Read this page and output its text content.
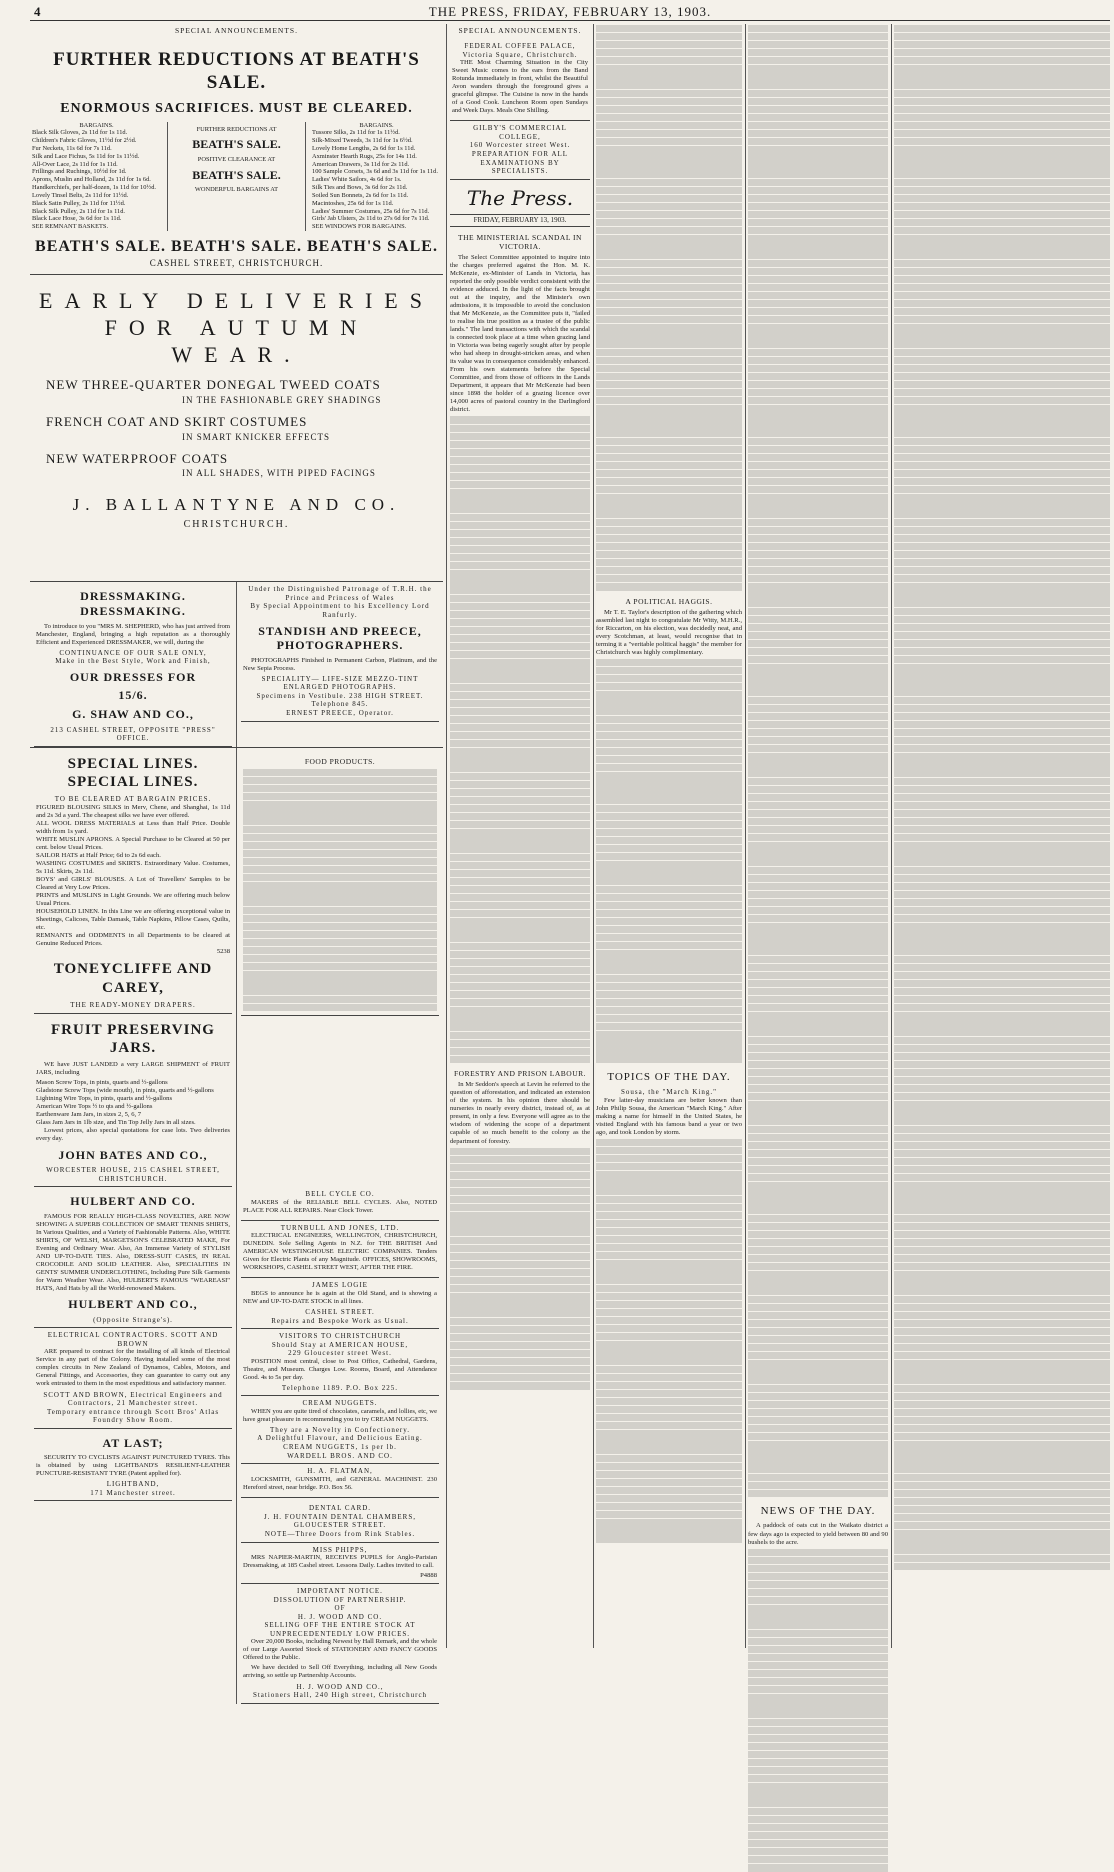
4	THE PRESS, FRIDAY, FEBRUARY 13, 1903.
SPECIAL ANNOUNCEMENTS.
FURTHER REDUCTIONS AT BEATH'S SALE.
ENORMOUS SACRIFICES. MUST BE CLEARED.
BARGAINS.
Black Silk Gloves, 2s 11d for 1s 11d.
Children's Fabric Gloves, 11½d for 2½d.
Fur Neckets, 11s 6d for 7s 11d.
Silk and Lace Fichus, 5s 11d for 1s 11½d.
All-Over Lace, 2s 11d for 1s 11d.
Frillings and Ruchings, 10½d for 1d.
Aprons, Muslin and Holland, 2s 11d for 1s 6d.
Handkerchiefs, per half-dozen, 1s 11d for 10½d.
Lovely Tinsel Belts, 2s 11d for 11½d.
Black Satin Pulley, 2s 11d for 11½d.
Black Silk Pulley, 2s 11d for 1s 11d.
Black Lace Hose, 3s 6d for 1s 11d.
SEE REMNANT BASKETS.
FURTHER REDUCTIONS AT
BEATH'S SALE.
POSITIVE CLEARANCE AT
BEATH'S SALE.
WONDERFUL BARGAINS AT
BARGAINS.
Tussore Silks, 2s 11d for 1s 11½d.
Silk-Mixed Tweeds, 3s 11d for 1s 6½d.
Lovely Home Lengths, 2s 6d for 1s 11d.
Axminster Hearth Rugs, 25s for 14s 11d.
American Drawers, 3s 11d for 2s 11d.
100 Sample Corsets, 3s 6d and 3s 11d for 1s 11d.
Ladies' White Sailors, 4s 6d for 1s.
Silk Ties and Bows, 3s 6d for 2s 11d.
Soiled Sun Bonnets, 2s 6d for 1s 11d.
Macintoshes, 25s 6d for 1s 11d.
Ladies' Summer Costumes, 25s 6d for 7s 11d.
Girls' Jab Ulsters, 2s 11d to 27s 6d for 7s 11d.
SEE WINDOWS FOR BARGAINS.
BEATH'S SALE. BEATH'S SALE. BEATH'S SALE.
CASHEL STREET, CHRISTCHURCH.
EARLY DELIVERIES FOR AUTUMN WEAR.
NEW THREE-QUARTER DONEGAL TWEED COATS
IN THE FASHIONABLE GREY SHADINGS
FRENCH COAT AND SKIRT COSTUMES
IN SMART KNICKER EFFECTS
NEW WATERPROOF COATS
IN ALL SHADES, WITH PIPED FACINGS
J. BALLANTYNE AND CO.
CHRISTCHURCH.
DRESSMAKING. DRESSMAKING.
To introduce to you "MRS M. SHEPHERD, who has just arrived from Manchester, England, bringing a high reputation as a thoroughly Efficient and Experienced DRESSMAKER, we will, during the
CONTINUANCE OF OUR SALE ONLY,
Make in the Best Style, Work and Finish,
OUR DRESSES FOR
15/6.
G. SHAW AND CO.,
213 CASHEL STREET, OPPOSITE "PRESS" OFFICE.
Under the Distinguished Patronage of T.R.H. the Prince and Princess of Wales
By Special Appointment to his Excellency Lord Ranfurly.
STANDISH AND PREECE, PHOTOGRAPHERS.
PHOTOGRAPHS Finished in Permanent Carbon, Platinum, and the New Sepia Process.
SPECIALITY— LIFE-SIZE MEZZO-TINT ENLARGED PHOTOGRAPHS.
Specimens in Vestibule. 238 HIGH STREET.
Telephone 845.
ERNEST PREECE, Operator.
SPECIAL LINES. SPECIAL LINES.
TO BE CLEARED AT BARGAIN PRICES.
FIGURED BLOUSING SILKS in Merv, Chene, and Shanghai, 1s 11d and 2s 3d a yard. The cheapest silks we have ever offered.
ALL WOOL DRESS MATERIALS at Less than Half Price. Double width from 1s yard.
WHITE MUSLIN APRONS. A Special Purchase to be Cleared at 50 per cent. below Usual Prices.
SAILOR HATS at Half Price; 6d to 2s 6d each.
WASHING COSTUMES and SKIRTS. Extraordinary Value. Costumes, 5s 11d. Skirts, 2s 11d.
BOYS' and GIRLS' BLOUSES. A Lot of Travellers' Samples to be Cleared at Very Low Prices.
PRINTS and MUSLINS in Light Grounds. We are offering much below Usual Prices.
HOUSEHOLD LINEN. In this Line we are offering exceptional value in Sheetings, Calicoes, Table Damask, Table Napkins, Pillow Cases, Quilts, etc.
REMNANTS and ODDMENTS in all Departments to be cleared at Genuine Reduced Prices.
5238
TONEYCLIFFE AND CAREY,
THE READY-MONEY DRAPERS.
FRUIT PRESERVING JARS.
WE have JUST LANDED a very LARGE SHIPMENT of FRUIT JARS, including
Mason Screw Tops, in pints, quarts and ½-gallons
Gladstone Screw Tops (wide mouth), in pints, quarts and ½-gallons
Lightning Wire Tops, in pints, quarts and ½-gallons
American Wire Tops ½ to qts and ½-gallons
Earthenware Jam Jars, in sizes 2, 5, 6, 7
Glass Jam Jars in 1lb size, and Tin Top Jelly Jars in all sizes.
Lowest prices, also special quotations for case lots. Two deliveries every day.
JOHN BATES AND CO.,
WORCESTER HOUSE, 215 CASHEL STREET, CHRISTCHURCH.
FOOD PRODUCTS.
HULBERT AND CO.
FAMOUS FOR REALLY HIGH-CLASS NOVELTIES, ARE NOW SHOWING A SUPERB COLLECTION OF SMART TENNIS SHIRTS, In Various Qualities, and a Variety of Fashionable Patterns. Also, WHITE SHIRTS, OF WELSH, MARGETSON'S CELEBRATED MAKE, For Evening and Ordinary Wear. Also, An Immense Variety of STYLISH AND UP-TO-DATE TIES. Also, DRESS-SUIT CASES, IN REAL CROCODILE AND SOLID LEATHER. Also, SPECIALITIES IN GENTS' SUMMER UNDERCLOTHING, Including Pure Silk Garments for Warm Weather Wear. Also, HULBERT'S FAMOUS "WEAREASI" HATS, And Hats by all the World-renowned Makers.
HULBERT AND CO.,
(Opposite Strange's).
ELECTRICAL CONTRACTORS. SCOTT AND BROWN
ARE prepared to contract for the installing of all kinds of Electrical Service in any part of the Colony. Having installed some of the most complex circuits in New Zealand of Dynamos, Cables, Motors, and General Fittings, and Accessories, they can guarantee to carry out any work entrusted to them in the most expeditious and satisfactory manner.
SCOTT AND BROWN, Electrical Engineers and Contractors, 21 Manchester street.
Temporary entrance through Scott Bros' Atlas Foundry Show Room.
AT LAST;
SECURITY TO CYCLISTS AGAINST PUNCTURED TYRES. This is obtained by using LIGHTBAND'S RESILIENT-LEATHER PUNCTURE-RESISTANT TYRE (Patent applied for).
LIGHTBAND,
171 Manchester street.
BELL CYCLE CO.
MAKERS of the RELIABLE BELL CYCLES. Also, NOTED PLACE FOR ALL REPAIRS. Near Clock Tower.
TURNBULL AND JONES, LTD.
ELECTRICAL ENGINEERS, WELLINGTON, CHRISTCHURCH, DUNEDIN. Sole Selling Agents in N.Z. for THE BRITISH And AMERICAN WESTINGHOUSE ELECTRIC COMPANIES. Tenders Given for Electric Plants of any Magnitude. OFFICES, SHOWROOMS, WORKSHOPS, CASHEL STREET WEST, AFTER THE FIRE.
JAMES LOGIE
BEGS to announce he is again at the Old Stand, and is showing a NEW and UP-TO-DATE STOCK in all lines.
CASHEL STREET.
Repairs and Bespoke Work as Usual.
VISITORS TO CHRISTCHURCH
Should Stay at AMERICAN HOUSE,
229 Gloucester street West.
POSITION most central, close to Post Office, Cathedral, Gardens, Theatre, and Museum. Charges Low. Rooms, Board, and Attendance Good. 4s to 5s per day.
Telephone 1189. P.O. Box 225.
CREAM NUGGETS.
WHEN you are quite tired of chocolates, caramels, and lollies, etc, we have great pleasure in recommending you to try CREAM NUGGETS.
They are a Novelty in Confectionery.
A Delightful Flavour, and Delicious Eating.
CREAM NUGGETS, 1s per lb.
WARDELL BROS. AND CO.
H. A. FLATMAN,
LOCKSMITH, GUNSMITH, and GENERAL MACHINIST. 230 Hereford street, near bridge. P.O. Box 56.
DENTAL CARD.
J. H. FOUNTAIN DENTAL CHAMBERS, GLOUCESTER STREET.
NOTE—Three Doors from Rink Stables.
MISS PHIPPS,
MRS NAPIER-MARTIN, RECEIVES PUPILS for Anglo-Parisian Dressmaking, at 185 Cashel street. Lessons Daily. Ladies invited to call.
P4888
IMPORTANT NOTICE.
DISSOLUTION OF PARTNERSHIP.
OF
H. J. WOOD AND CO.
SELLING OFF THE ENTIRE STOCK AT UNPRECEDENTEDLY LOW PRICES.
Over 20,000 Books, including Newest by Hall Remark, and the whole of our Large Assorted Stock of STATIONERY AND FANCY GOODS Offered to the Public.
We have decided to Sell Off Everything, including all New Goods arriving, so settle up Partnership Accounts.
H. J. WOOD AND CO.,
Stationers Hall, 240 High street, Christchurch
SPECIAL ANNOUNCEMENTS.
FEDERAL COFFEE PALACE,
Victoria Square, Christchurch.
THE Most Charming Situation in the City Sweet Music comes to the ears from the Band Rotunda immediately in front, whilst the Beautiful Avon wanders through the foreground gives a graceful glimpse. The Cuisine is now in the hands of a Good Cook. Luncheon Room open Sundays and Week Days. Meals One Shilling.
GILBY'S COMMERCIAL COLLEGE,
160 Worcester street West.
PREPARATION FOR ALL EXAMINATIONS BY SPECIALISTS.
The Press.
FRIDAY, FEBRUARY 13, 1903.
THE MINISTERIAL SCANDAL IN VICTORIA.
The Select Committee appointed to inquire into the charges preferred against the Hon. M. K. McKenzie, ex-Minister of Lands in Victoria, has reported the only possible verdict consistent with the evidence adduced. In the light of the facts brought out at the inquiry, and the Minister's own admissions, it is impossible to avoid the conclusion that Mr McKenzie, as the Committee puts it, "failed to realise his true position as a trustee of the public lands." The land transactions with which the scandal is connected took place at a time when grazing land in Victoria was being eagerly sought after by people who had sheep in drought-stricken areas, and when its value was in consequence considerably enhanced. From his own statements before the Special Committee, and from those of officers in the Lands Department, it appears that Mr McKenzie had been since 1898 the holder of a grazing licence over 14,000 acres of pastoral country in the Darlingford district.
FORESTRY AND PRISON LABOUR.
In Mr Seddon's speech at Levin he referred to the question of afforestation, and indicated an extension of the system. In his opinion there should be nurseries in nearly every district, instead of, as at present, in only a few. Everyone will agree as to the wisdom of widening the scope of a department capable of so much benefit to the colony as the department of forestry.
A POLITICAL HAGGIS.
Mr T. E. Taylor's description of the gathering which assembled last night to congratulate Mr Witty, M.H.R., for Riccarton, on his election, was decidedly neat, and every Scotchman, at least, would recognise that in terming it a "veritable political haggis" the member for Christchurch was highly complimentary.
TOPICS OF THE DAY.
Sousa, the "March King."
Few latter-day musicians are better known than John Philip Sousa, the American "March King." After making a name for himself in the United States, he visited England with his famous band a year or two ago, and took London by storm.
NEWS OF THE DAY.
A paddock of oats cut in the Waikato district a few days ago is expected to yield between 80 and 90 bushels to the acre.
